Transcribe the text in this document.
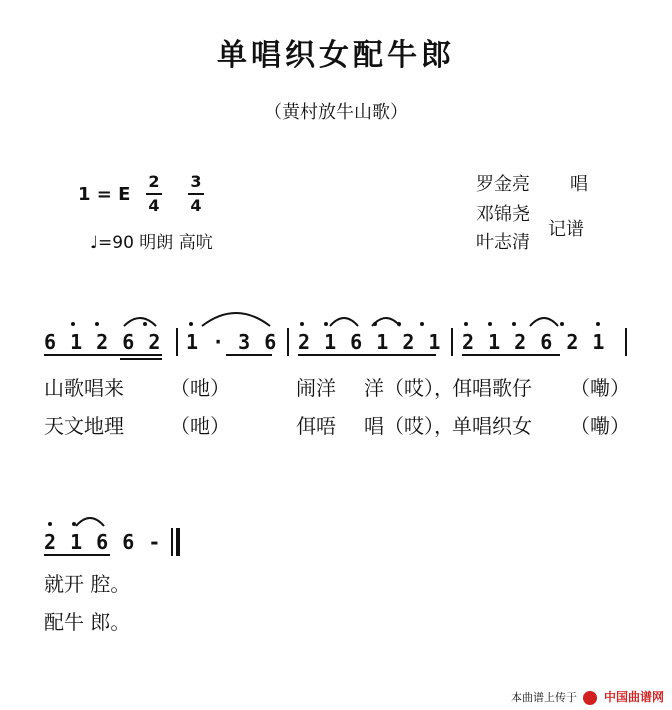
单唱织女配牛郎
（黄村放牛山歌）
1 = E
2
4
3
4
♩=90 明朗 高吭
罗金亮 唱
邓锦尧
叶志清
记谱
6 1 2 6 2 1 · 3 6 2 1 6 1 2 1 2 1 2 6 2 1
山歌唱来 （吔）	闹洋 洋（哎），
佴唱歌仔 （嘞）
天文地理 （吔）	佴唔 唱（哎），
单唱织女 （嘞）
2 1 6 6 -
就开 腔。
配牛 郎。
本曲谱上传于 中国曲谱网
